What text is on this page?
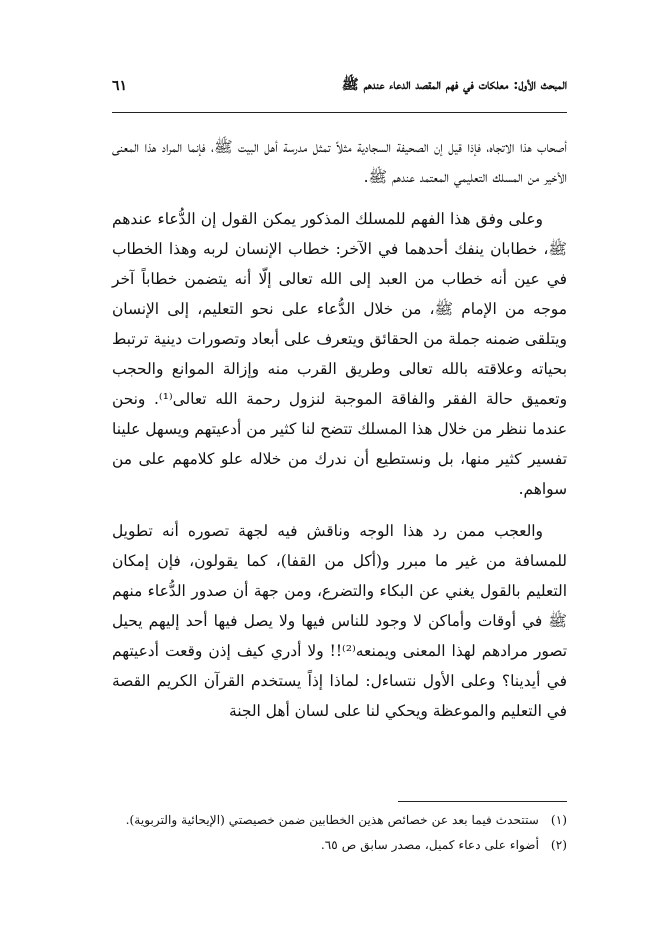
المبحث الأول: معلكات في فهم المقصد الدعاء عندهم ﷺ
٦١

أصحاب هذا الاتجاه، فإذا قيل إن الصحيفة السجادية مثلاً تمثل مدرسة أهل البيت ﷺ، فإنما المراد هذا المعنى الأخير من المسلك التعليمي المعتمد عندهم ﷺ.

وعلى وفق هذا الفهم للمسلك المذكور يمكن القول إن الدُّعاء عندهم ﷺ، خطابان ينفك أحدهما في الآخر: خطاب الإنسان لربه وهذا الخطاب في عين أنه خطاب من العبد إلى الله تعالى إلّا أنه يتضمن خطاباً آخر موجه من الإمام ﷺ، من خلال الدُّعاء على نحو التعليم، إلى الإنسان ويتلقى ضمنه جملة من الحقائق ويتعرف على أبعاد وتصورات دينية ترتبط بحياته وعلاقته بالله تعالى وطريق القرب منه وإزالة الموانع والحجب وتعميق حالة الفقر والفاقة الموجبة لنزول رحمة الله تعالى⁽¹⁾. ونحن عندما ننظر من خلال هذا المسلك تتضح لنا كثير من أدعيتهم ويسهل علينا تفسير كثير منها، بل ونستطيع أن ندرك من خلاله علو كلامهم على من سواهم.

والعجب ممن رد هذا الوجه وناقش فيه لجهة تصوره أنه تطويل للمسافة من غير ما مبرر و(أكل من القفا)، كما يقولون، فإن إمكان التعليم بالقول يغني عن البكاء والتضرع، ومن جهة أن صدور الدُّعاء منهم ﷺ في أوقات وأماكن لا وجود للناس فيها ولا يصل فيها أحد إليهم يحيل تصور مرادهم لهذا المعنى ويمنعه⁽²⁾!! ولا أدري كيف إذن وقعت أدعيتهم في أيدينا؟ وعلى الأول نتساءل: لماذا إذاً يستخدم القرآن الكريم القصة في التعليم والموعظة ويحكي لنا على لسان أهل الجنة

(١)
ستتحدث فيما بعد عن خصائص هذين الخطابين ضمن خصيصتي (الإيحائية والتربوية).
(٢)
أضواء على دعاء كميل، مصدر سابق ص ٦٥.
